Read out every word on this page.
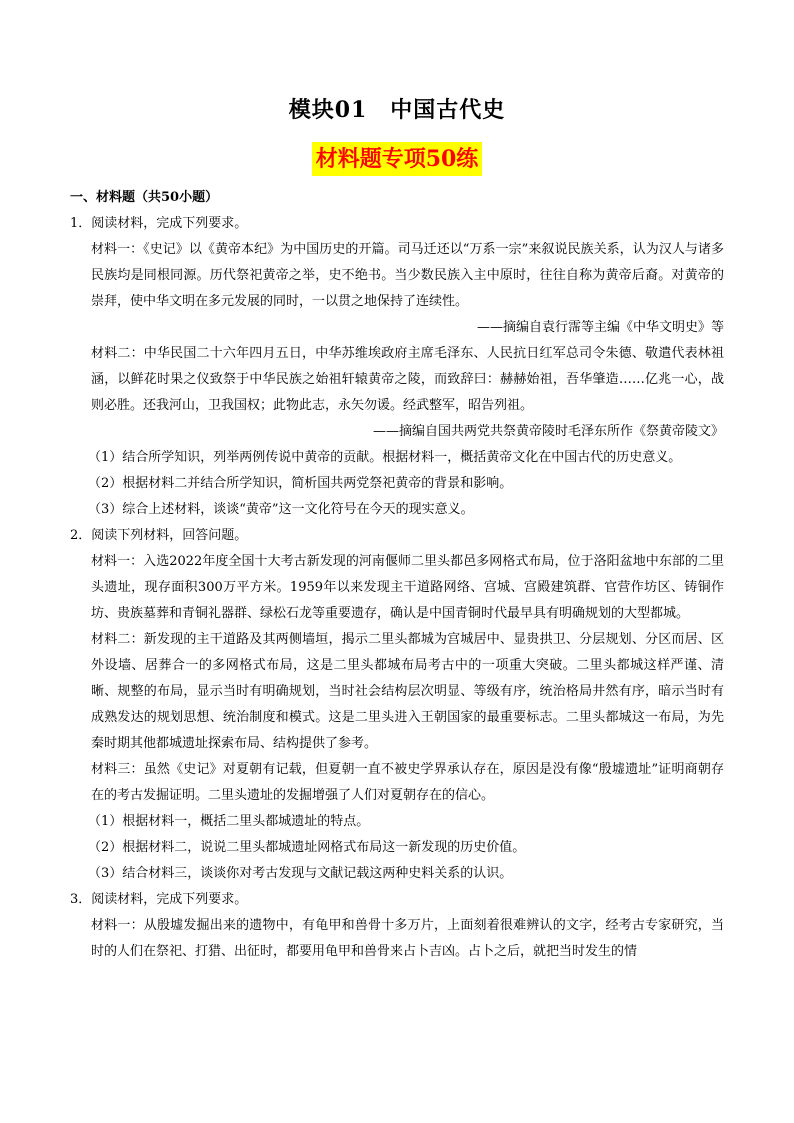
模块01　中国古代史
材料题专项50练
一、材料题（共50小题）
1．阅读材料，完成下列要求。

材料一：《史记》以《黄帝本纪》为中国历史的开篇。司马迁还以“万系一宗”来叙说民族关系，认为汉人与诸多民族均是同根同源。历代祭祀黄帝之举，史不绝书。当少数民族入主中原时，往往自称为黄帝后裔。对黄帝的崇拜，使中华文明在多元发展的同时，一以贯之地保持了连续性。

——摘编自袁行霈等主编《中华文明史》等

材料二：中华民国二十六年四月五日，中华苏维埃政府主席毛泽东、人民抗日红军总司令朱德、敬遣代表林祖涵，以鲜花时果之仪致祭于中华民族之始祖轩辕黄帝之陵，而致辞曰：赫赫始祖，吾华肇造……亿兆一心，战则必胜。还我河山，卫我国权；此物此志，永矢勿谖。经武整军，昭告列祖。

——摘编自国共两党共祭黄帝陵时毛泽东所作《祭黄帝陵文》
（1）结合所学知识，列举两例传说中黄帝的贡献。根据材料一，概括黄帝文化在中国古代的历史意义。
（2）根据材料二并结合所学知识，简析国共两党祭祀黄帝的背景和影响。
（3）综合上述材料，谈谈“黄帝”这一文化符号在今天的现实意义。
2．阅读下列材料，回答问题。

材料一：入选2022年度全国十大考古新发现的河南偃师二里头都邑多网格式布局，位于洛阳盆地中东部的二里头遗址，现存面积300万平方米。1959年以来发现主干道路网络、宫城、宫殿建筑群、官营作坊区、铸铜作坊、贵族墓葬和青铜礼器群、绿松石龙等重要遗存，确认是中国青铜时代最早具有明确规划的大型都城。

材料二：新发现的主干道路及其两侧墙垣，揭示二里头都城为宫城居中、显贵拱卫、分层规划、分区而居、区外设墙、居葬合一的多网格式布局，这是二里头都城布局考古中的一项重大突破。二里头都城这样严谨、清晰、规整的布局，显示当时有明确规划，当时社会结构层次明显、等级有序，统治格局井然有序，暗示当时有成熟发达的规划思想、统治制度和模式。这是二里头进入王朝国家的最重要标志。二里头都城这一布局，为先秦时期其他都城遗址探索布局、结构提供了参考。

材料三：虽然《史记》对夏朝有记载，但夏朝一直不被史学界承认存在，原因是没有像“殷墟遗址”证明商朝存在的考古发掘证明。二里头遗址的发掘增强了人们对夏朝存在的信心。

（1）根据材料一，概括二里头都城遗址的特点。
（2）根据材料二，说说二里头都城遗址网格式布局这一新发现的历史价值。
（3）结合材料三，谈谈你对考古发现与文献记载这两种史料关系的认识。
3．阅读材料，完成下列要求。

材料一：从殷墟发掘出来的遗物中，有龟甲和兽骨十多万片，上面刻着很难辨认的文字，经考古专家研究，当时的人们在祭祀、打猎、出征时，都要用龟甲和兽骨来占卜吉凶。占卜之后，就把当时发生的情
